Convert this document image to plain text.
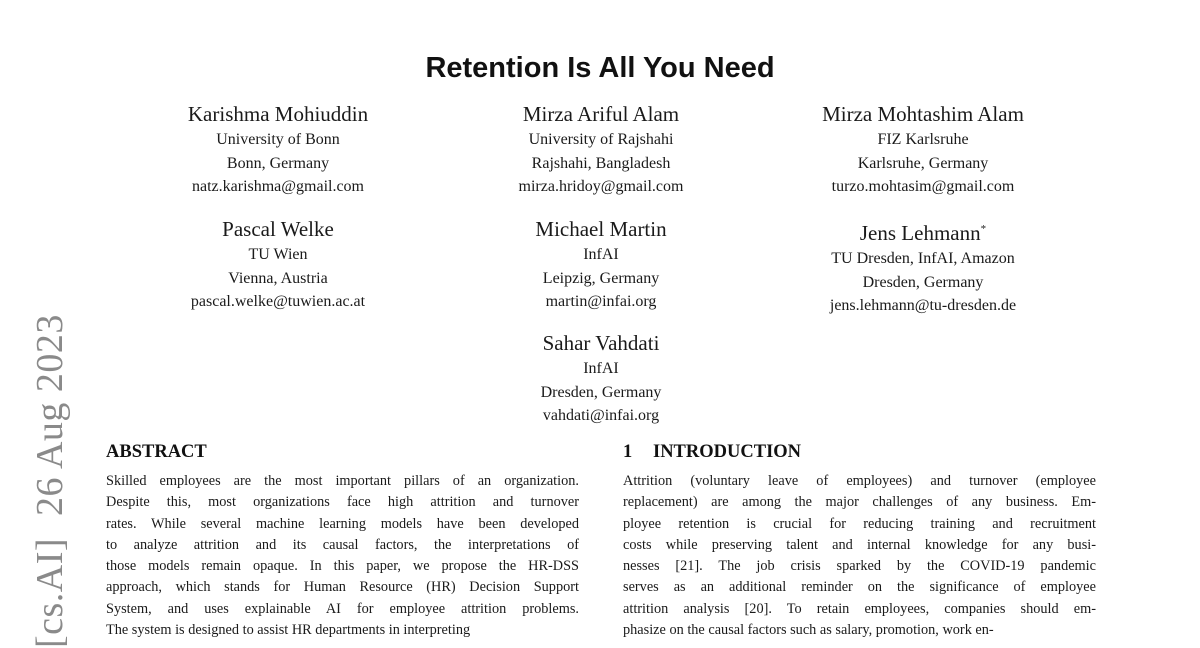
[cs.AI]26 Aug 2023
Retention Is All You Need
Karishma Mohiuddin
University of Bonn
Bonn, Germany
natz.karishma@gmail.com
Mirza Ariful Alam
University of Rajshahi
Rajshahi, Bangladesh
mirza.hridoy@gmail.com
Mirza Mohtashim Alam
FIZ Karlsruhe
Karlsruhe, Germany
turzo.mohtasim@gmail.com
Pascal Welke
TU Wien
Vienna, Austria
pascal.welke@tuwien.ac.at
Michael Martin
InfAI
Leipzig, Germany
martin@infai.org
Jens Lehmann*
TU Dresden, InfAI, Amazon
Dresden, Germany
jens.lehmann@tu-dresden.de
Sahar Vahdati
InfAI
Dresden, Germany
vahdati@infai.org
ABSTRACT
Skilled employees are the most important pillars of an organization.
Despite this, most organizations face high attrition and turnover
rates. While several machine learning models have been developed
to analyze attrition and its causal factors, the interpretations of
those models remain opaque. In this paper, we propose the HR-DSS
approach, which stands for Human Resource (HR) Decision Support
System, and uses explainable AI for employee attrition problems.
The system is designed to assist HR departments in interpreting
1 INTRODUCTION
Attrition (voluntary leave of employees) and turnover (employee
replacement) are among the major challenges of any business. Em-
ployee retention is crucial for reducing training and recruitment
costs while preserving talent and internal knowledge for any busi-
nesses [21]. The job crisis sparked by the COVID-19 pandemic
serves as an additional reminder on the significance of employee
attrition analysis [20]. To retain employees, companies should em-
phasize on the causal factors such as salary, promotion, work en-
